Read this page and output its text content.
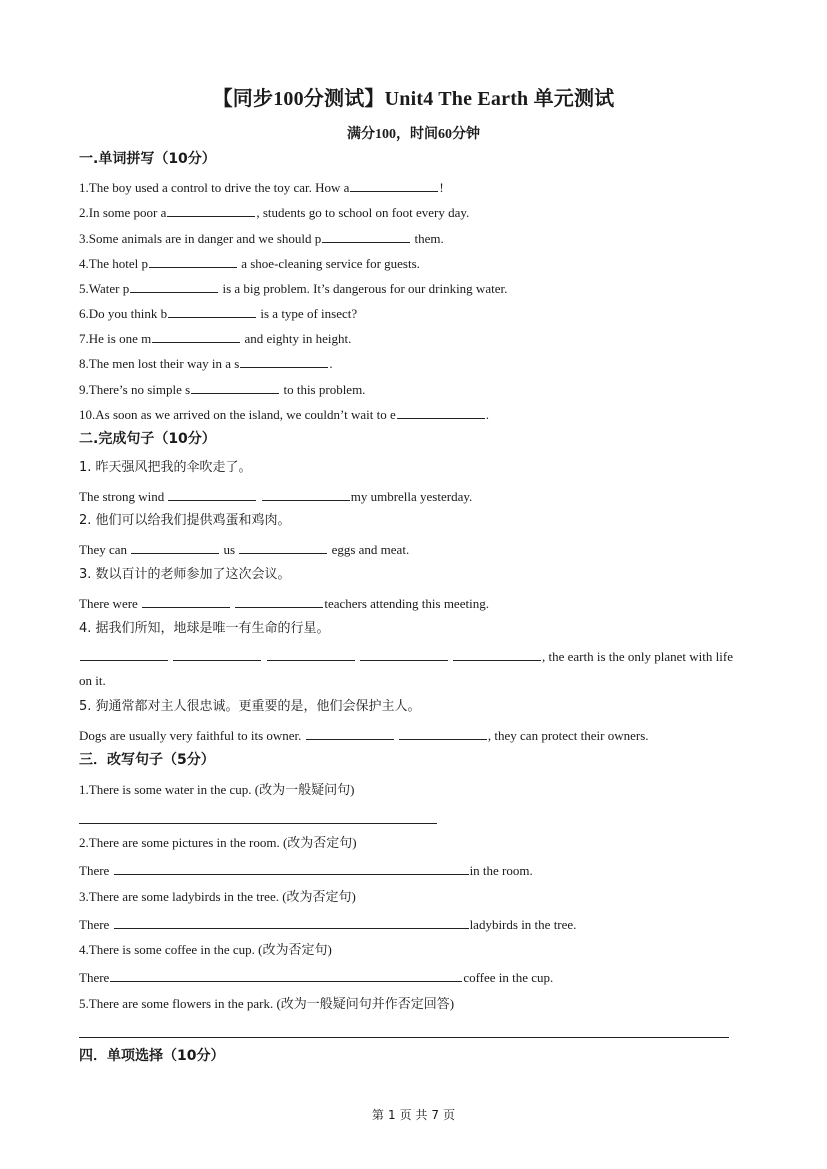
【同步100分测试】Unit4 The Earth 单元测试
满分100，时间60分钟
一.单词拼写（10分）
1.The boy used a control to drive the toy car. How a	!
2.In some poor a	, students go to school on foot every day.
3.Some animals are in danger and we should p	them.
4.The hotel p	a shoe-cleaning service for guests.
5.Water p	is a big problem. It’s dangerous for our drinking water.
6.Do you think b	is a type of insect?
7.He is one m	and eighty in height.
8.The men lost their way in a s	.
9.There’s no simple s	to this problem.
10.As soon as we arrived on the island, we couldn’t wait to e	.
二.完成句子（10分）
1. 昨天强风把我的伞吹走了。
The strong wind	my umbrella yesterday.
2. 他们可以给我们提供鸡蛋和鸡肉。
They can	us	eggs and meat.
3. 数以百计的老师参加了这次会议。
There were	teachers attending this meeting.
4. 据我们所知，地球是唯一有生命的行星。
, the earth is the only planet with life
on it.
5. 狗通常都对主人很忠诚。更重要的是，他们会保护主人。
Dogs are usually very faithful to its owner.	, they can protect their owners.
三．改写句子（5分）
1.There is some water in the cup. (改为一般疑问句)
2.There are some pictures in the room. (改为否定句)
There	in the room.
3.There are some ladybirds in the tree. (改为否定句)
There	ladybirds in the tree.
4.There is some coffee in the cup. (改为否定句)
There	coffee in the cup.
5.There are some flowers in the park. (改为一般疑问句并作否定回答)
四．单项选择（10分）
第 1 页 共 7 页
